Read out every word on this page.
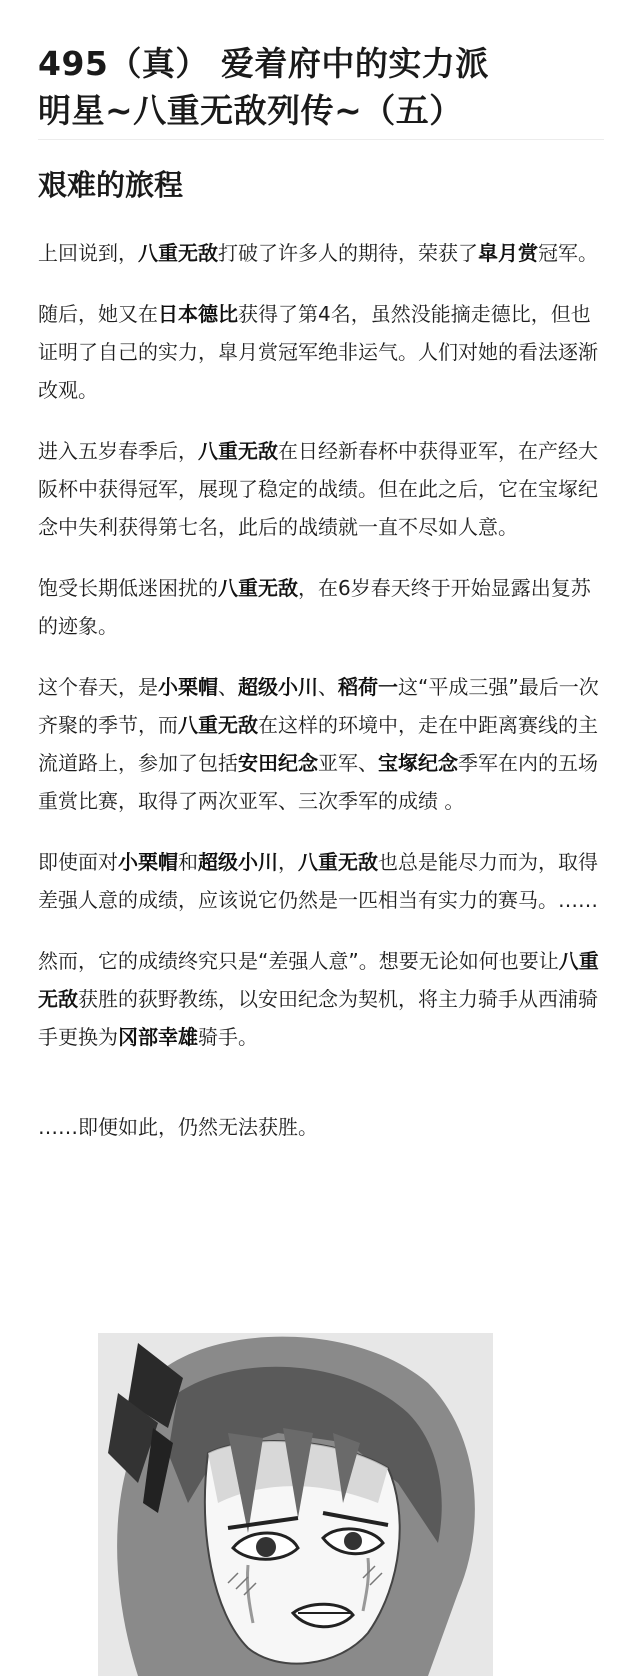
495（真） 爱着府中的实力派
明星~八重无敌列传~（五）
艰难的旅程

上回说到，八重无敌打破了许多人的期待，荣获了皐月赏冠军。

随后，她又在日本德比获得了第4名，虽然没能摘走德比，但也证明了自己的实力，皐月赏冠军绝非运气。人们对她的看法逐渐改观。

进入五岁春季后，八重无敌在日经新春杯中获得亚军，在产经大阪杯中获得冠军，展现了稳定的战绩。但在此之后，它在宝塚纪念中失利获得第七名，此后的战绩就一直不尽如人意。

饱受长期低迷困扰的八重无敌，在6岁春天终于开始显露出复苏的迹象。

这个春天，是小栗帽、超级小川、稻荷一这“平成三强”最后一次齐聚的季节，而八重无敌在这样的环境中，走在中距离赛线的主流道路上，参加了包括安田纪念亚军、宝塚纪念季军在内的五场重赏比赛，取得了两次亚军、三次季军的成绩 。

即使面对小栗帽和超级小川，八重无敌也总是能尽力而为，取得差强人意的成绩，应该说它仍然是一匹相当有实力的赛马。……

然而，它的成绩终究只是“差强人意”。想要无论如何也要让八重无敌获胜的荻野教练，以安田纪念为契机，将主力骑手从西浦骑手更换为冈部幸雄骑手。

……即便如此，仍然无法获胜。
